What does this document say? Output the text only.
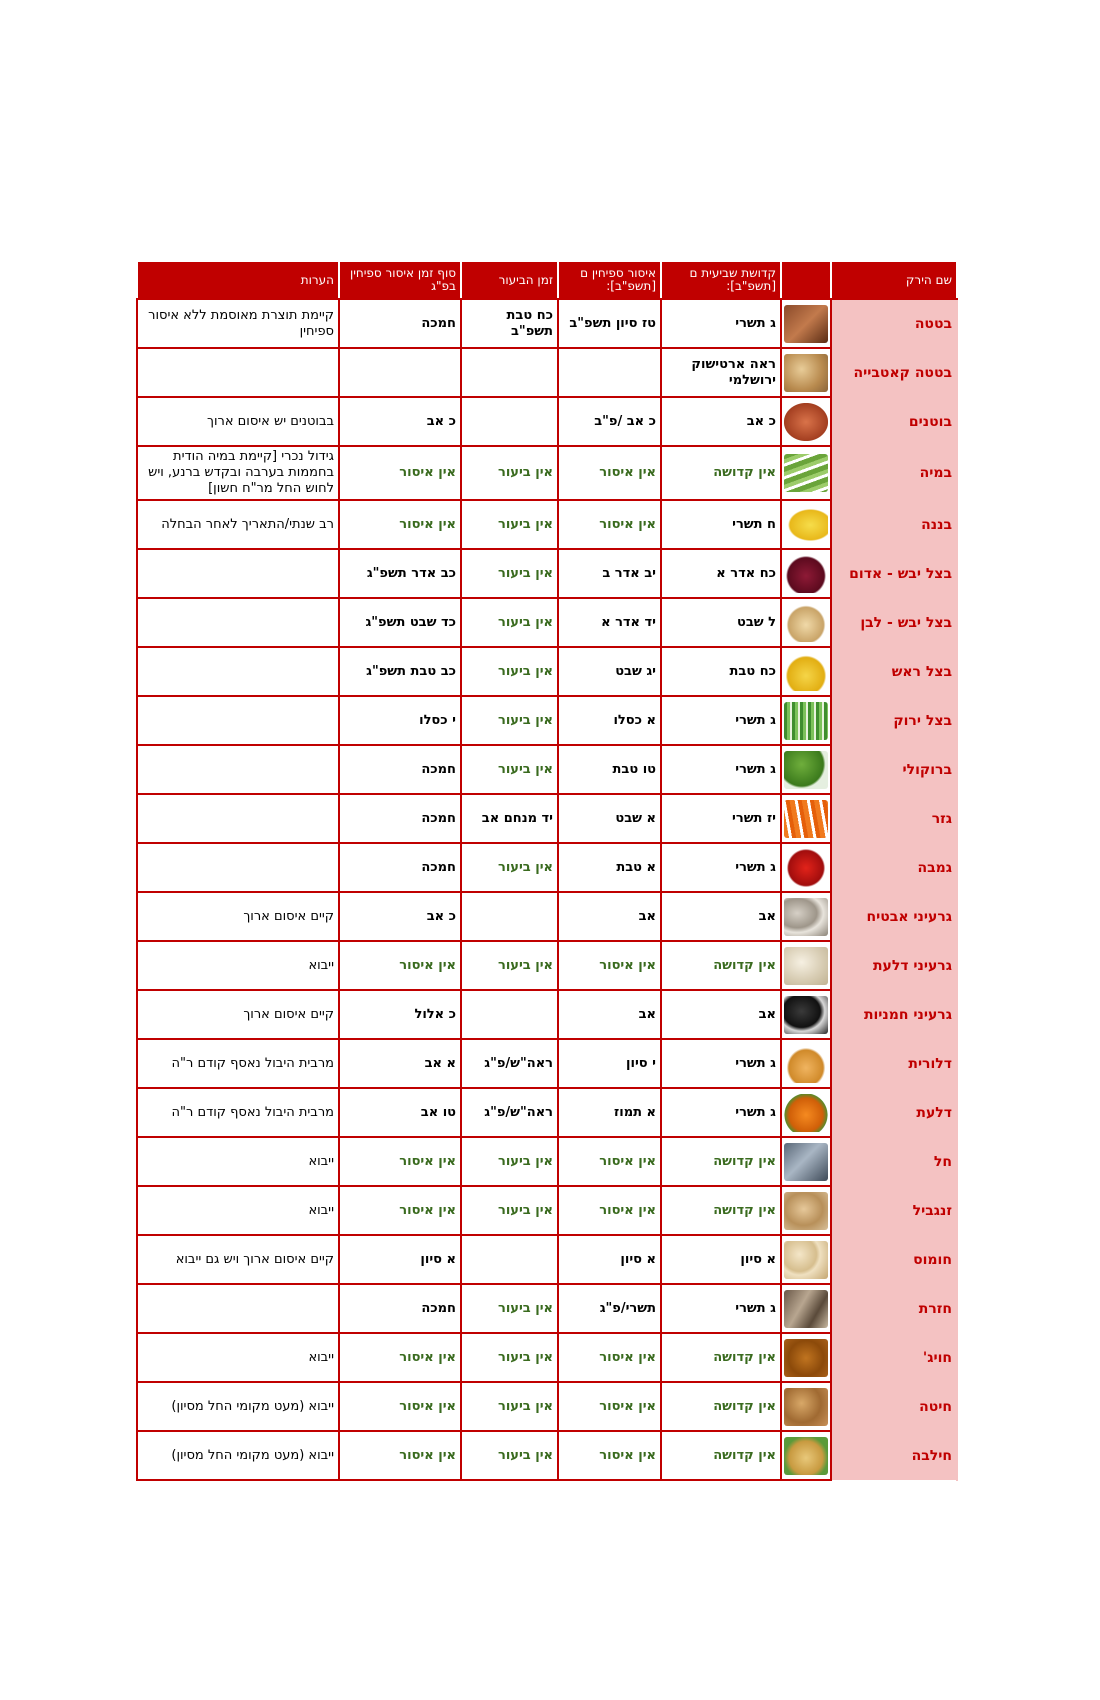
שם הירק		קדושת שביעית ם [תשפ"ב]:	איסור ספיחין ם [תשפ"ב]:	זמן הביעור	סוף זמן איסור ספיחין בפ"ג	הערות
בטטה		ג תשרי	טז סיון תשפ"ב	כח טבת תשפ"ב	חמכה	קיימת תוצרת מאוסמת ללא איסור ספיחין
בטטה קאטבייה		ראה ארטישוק ירושלמי				
בוטנים		כ אב	כ אב /פ"ב		כ אב	בבוטנים יש איסום ארוך
במיה		אין קדושה	אין איסור	אין ביעור	אין איסור	גידול נכרי [קיימת במיה הודית בחממות בערבה ובקדש ברנע, ויש לחוש החל מר"ח חשון]
בננה		ח תשרי	אין איסור	אין ביעור	אין איסור	רב שנתי/התאריך לאחר הבחלה
בצל יבש - אדום		כח אדר א	יב אדר ב	אין ביעור	כב אדר תשפ"ג	
בצל יבש - לבן		ל שבט	יד אדר א	אין ביעור	כד שבט תשפ"ג	
בצל ראש		כח טבת	יג שבט	אין ביעור	כב טבת תשפ"ג	
בצל ירוק		ג תשרי	א כסלו	אין ביעור	י כסלו	
ברוקולי		ג תשרי	טו טבת	אין ביעור	חמכה	
גזר		יז תשרי	א שבט	יד מנחם אב	חמכה	
גמבה		ג תשרי	א טבת	אין ביעור	חמכה	
גרעיני אבטיח		אב	אב		כ אב	קיים איסום ארוך
גרעיני דלעת		אין קדושה	אין איסור	אין ביעור	אין איסור	ייבוא
גרעיני חמניות		אב	אב		כ אלול	קיים איסום ארוך
דלורית		ג תשרי	י סיון	ראה"ש/פ"ג	א אב	מרבית היבול נאסף קודם ר"ה
דלעת		ג תשרי	א תמוז	ראה"ש/פ"ג	טו אב	מרבית היבול נאסף קודם ר"ה
חל		אין קדושה	אין איסור	אין ביעור	אין איסור	ייבוא
זנגביל		אין קדושה	אין איסור	אין ביעור	אין איסור	ייבוא
חומוס		א סיון	א סיון		א סיון	קיים איסום ארוך ויש גם ייבוא
חזרת		ג תשרי	תשרי/פ"ג	אין ביעור	חמכה	
חויג'		אין קדושה	אין איסור	אין ביעור	אין איסור	ייבוא
חיטה		אין קדושה	אין איסור	אין ביעור	אין איסור	ייבוא (מעט מקומי החל מסיון)
חילבה		אין קדושה	אין איסור	אין ביעור	אין איסור	ייבוא (מעט מקומי החל מסיון)
